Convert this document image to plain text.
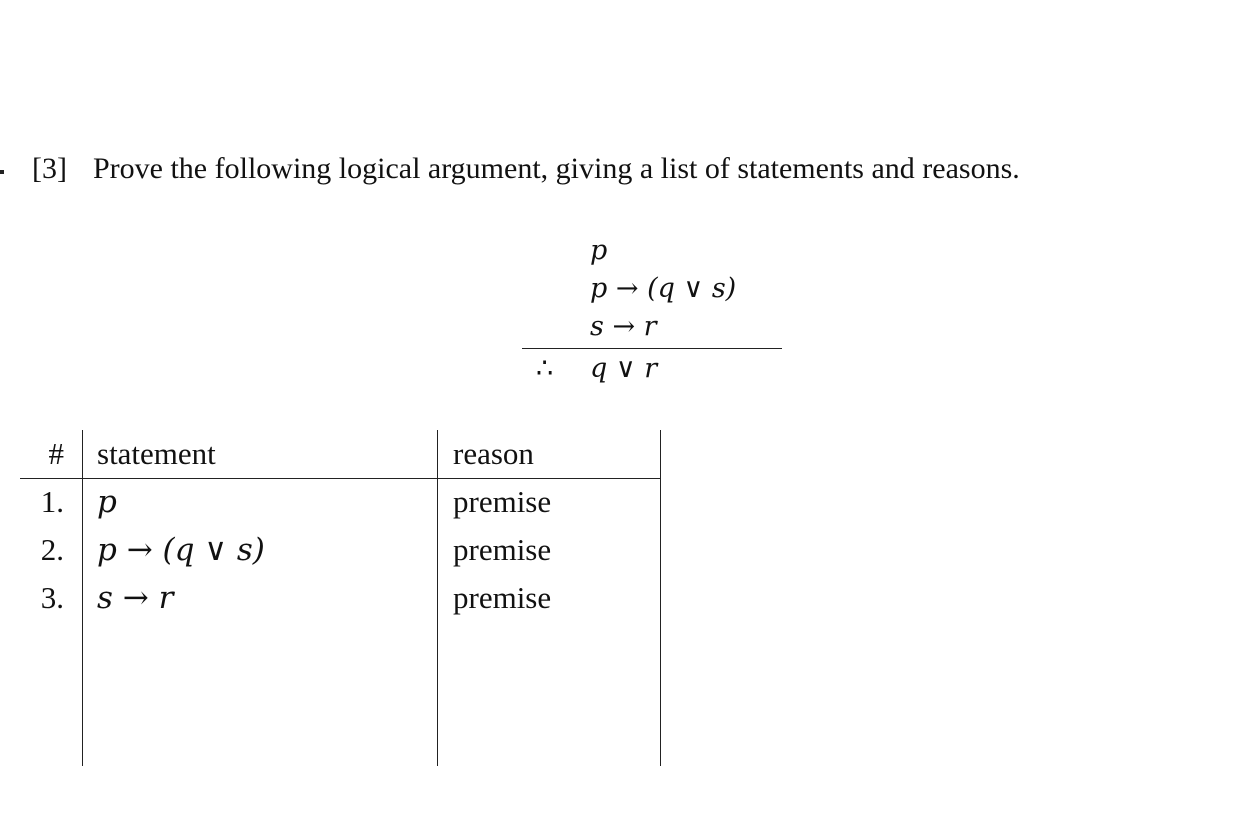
[3] Prove the following logical argument, giving a list of statements and reasons.
p
p → (q ∨ s)
s → r
∴ q ∨ r
# statement	reason
1. p	premise
2. p → (q ∨ s)	premise
3. s → r	premise
